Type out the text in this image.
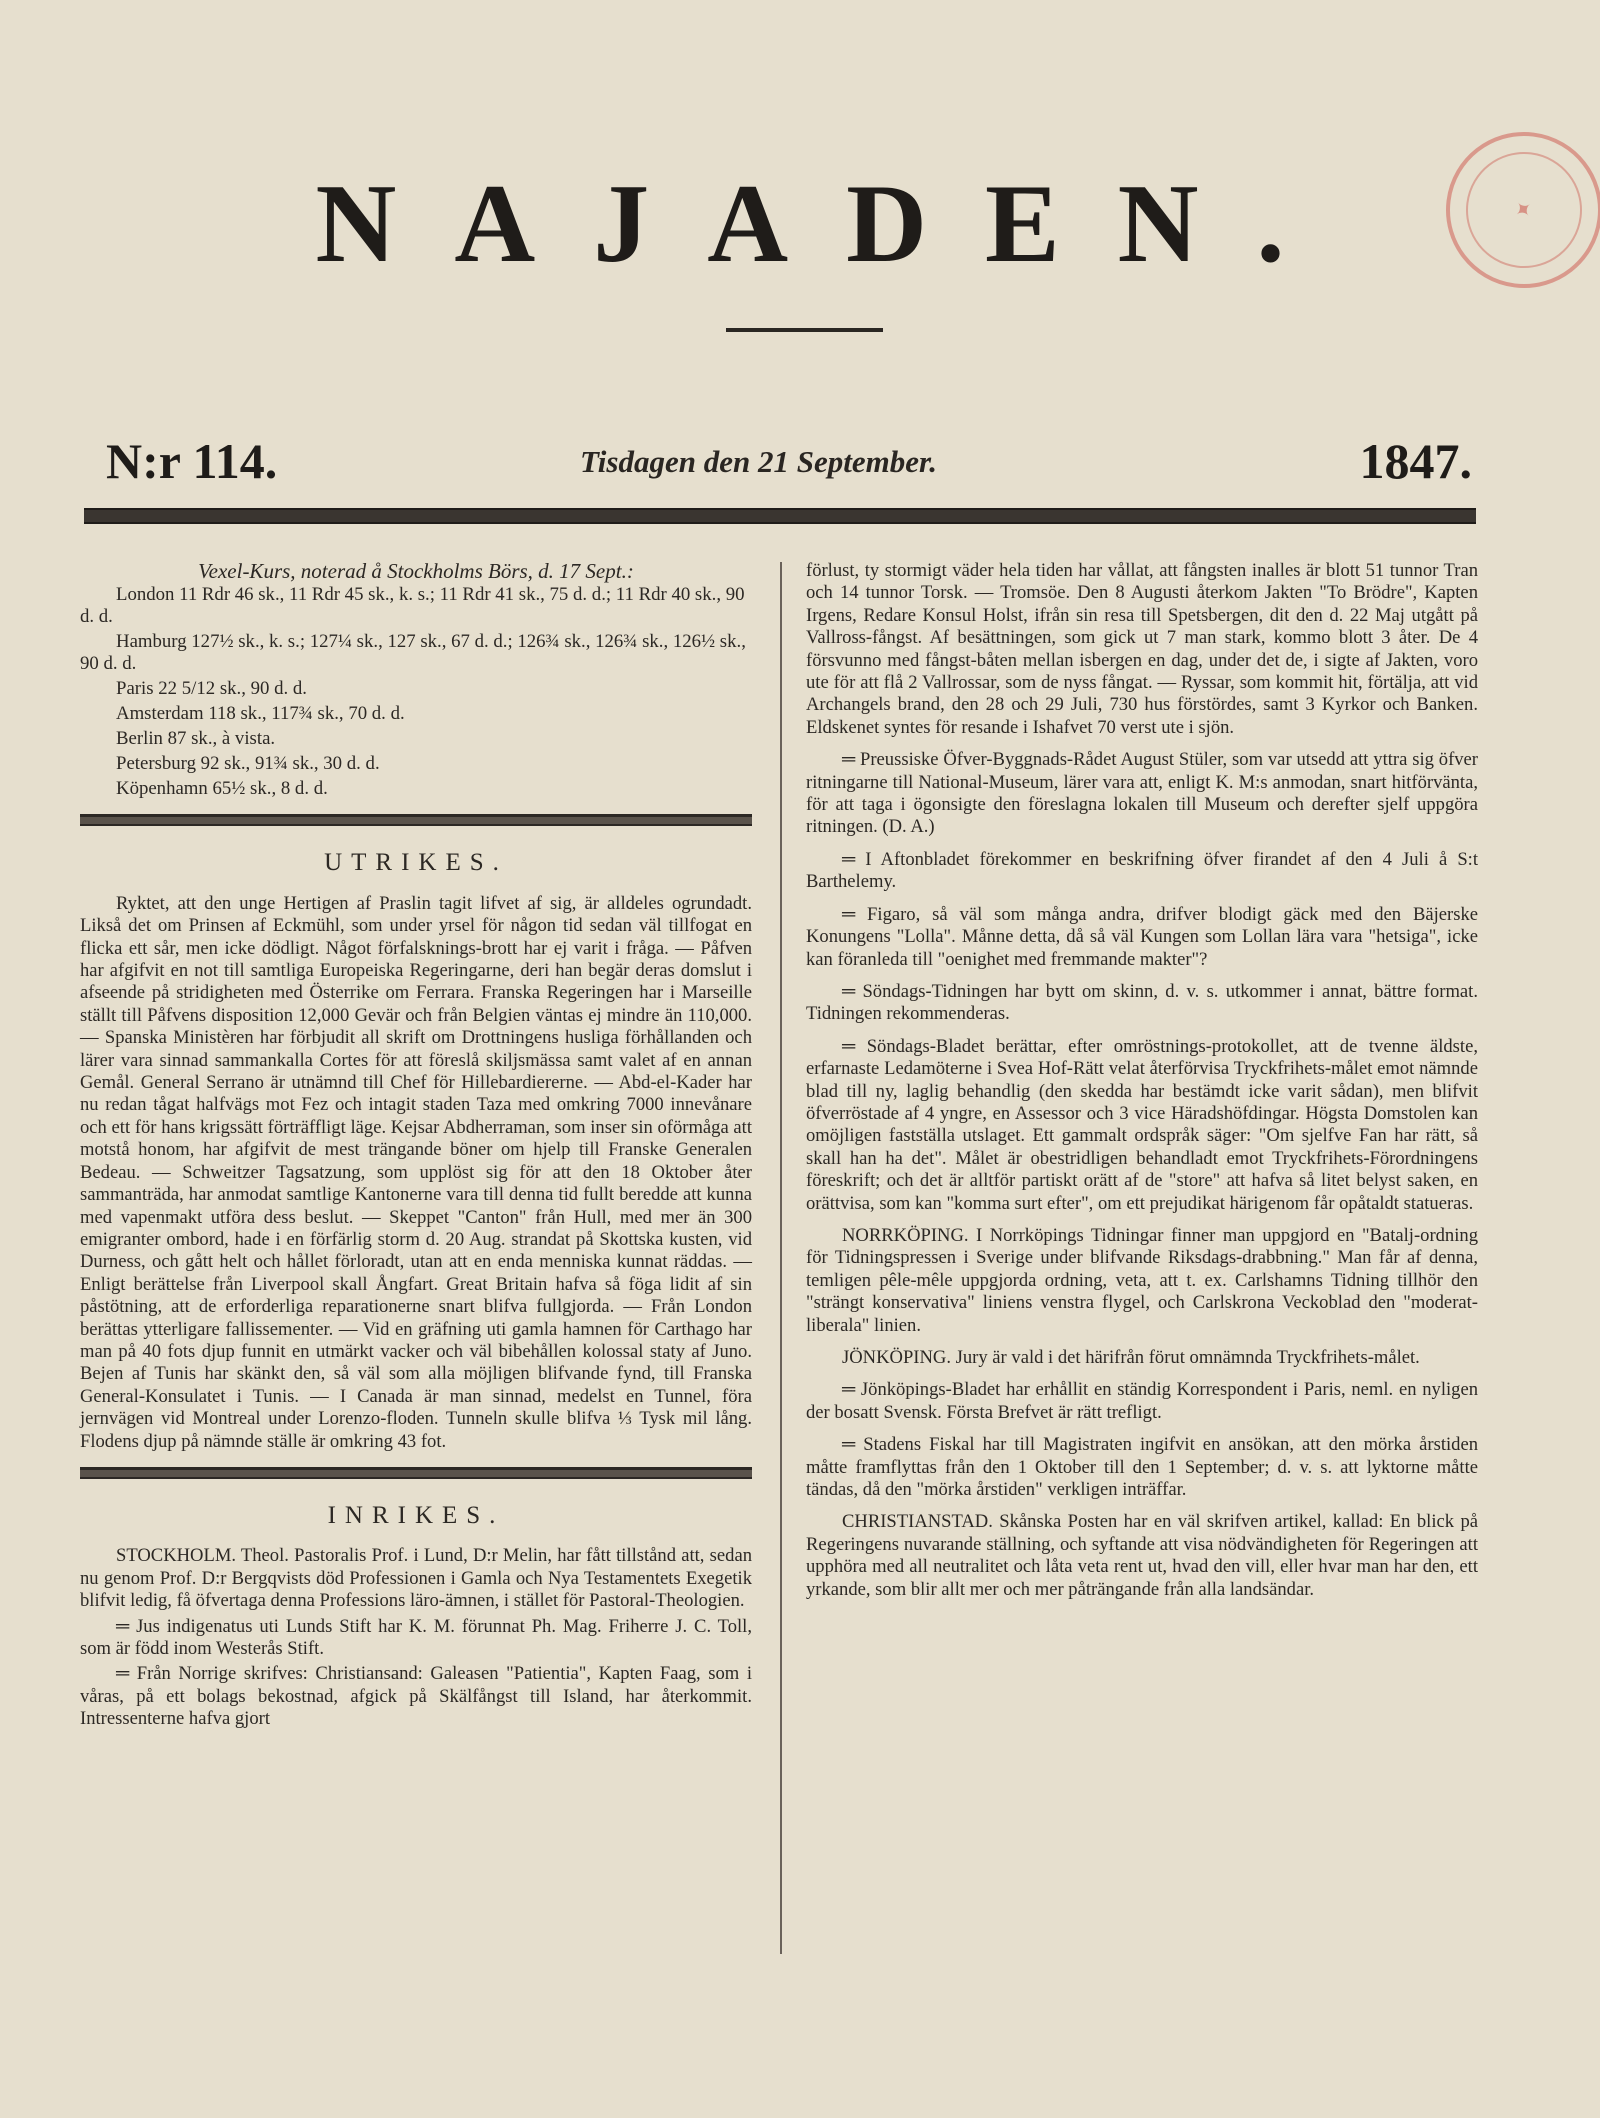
NAJADEN.	✦
N:r 114.	Tisdagen den 21 September.	1847.
Vexel-Kurs, noterad å Stockholms Börs, d. 17 Sept.:

London 11 Rdr 46 sk., 11 Rdr 45 sk., k. s.; 11 Rdr 41 sk., 75 d. d.; 11 Rdr 40 sk., 90 d. d.

Hamburg 127½ sk., k. s.; 127¼ sk., 127 sk., 67 d. d.; 126¾ sk., 126¾ sk., 126½ sk., 90 d. d.

Paris 22 5/12 sk., 90 d. d.

Amsterdam 118 sk., 117¾ sk., 70 d. d.

Berlin 87 sk., à vista.

Petersburg 92 sk., 91¾ sk., 30 d. d.

Köpenhamn 65½ sk., 8 d. d.

UTRIKES.

Ryktet, att den unge Hertigen af Praslin tagit lifvet af sig, är alldeles ogrundadt. Likså det om Prinsen af Eckmühl, som under yrsel för någon tid sedan väl tillfogat en flicka ett sår, men icke dödligt. Något förfalsknings-brott har ej varit i fråga. — Påfven har afgifvit en not till samtliga Europeiska Regeringarne, deri han begär deras domslut i afseende på stridigheten med Österrike om Ferrara. Franska Regeringen har i Marseille ställt till Påfvens disposition 12,000 Gevär och från Belgien väntas ej mindre än 110,000. — Spanska Ministèren har förbjudit all skrift om Drottningens husliga förhållanden och lärer vara sinnad sammankalla Cortes för att föreslå skiljsmässa samt valet af en annan Gemål. General Serrano är utnämnd till Chef för Hillebardiererne. — Abd-el-Kader har nu redan tågat halfvägs mot Fez och intagit staden Taza med omkring 7000 innevånare och ett för hans krigssätt förträffligt läge. Kejsar Abdherraman, som inser sin oförmåga att motstå honom, har afgifvit de mest trängande böner om hjelp till Franske Generalen Bedeau. — Schweitzer Tagsatzung, som upplöst sig för att den 18 Oktober åter sammanträda, har anmodat samtlige Kantonerne vara till denna tid fullt beredde att kunna med vapenmakt utföra dess beslut. — Skeppet "Canton" från Hull, med mer än 300 emigranter ombord, hade i en förfärlig storm d. 20 Aug. strandat på Skottska kusten, vid Durness, och gått helt och hållet förloradt, utan att en enda menniska kunnat räddas. — Enligt berättelse från Liverpool skall Ångfart. Great Britain hafva så föga lidit af sin påstötning, att de erforderliga reparationerne snart blifva fullgjorda. — Från London berättas ytterligare fallissementer. — Vid en gräfning uti gamla hamnen för Carthago har man på 40 fots djup funnit en utmärkt vacker och väl bibehållen kolossal staty af Juno. Bejen af Tunis har skänkt den, så väl som alla möjligen blifvande fynd, till Franska General-Konsulatet i Tunis. — I Canada är man sinnad, medelst en Tunnel, föra jernvägen vid Montreal under Lorenzo-floden. Tunneln skulle blifva ⅓ Tysk mil lång. Flodens djup på nämnde ställe är omkring 43 fot.

INRIKES.

STOCKHOLM. Theol. Pastoralis Prof. i Lund, D:r Melin, har fått tillstånd att, sedan nu genom Prof. D:r Bergqvists död Professionen i Gamla och Nya Testamentets Exegetik blifvit ledig, få öfvertaga denna Professions läro-ämnen, i stället för Pastoral-Theologien.

═ Jus indigenatus uti Lunds Stift har K. M. förunnat Ph. Mag. Friherre J. C. Toll, som är född inom Westerås Stift.

═ Från Norrige skrifves: Christiansand: Galeasen "Patientia", Kapten Faag, som i våras, på ett bolags bekostnad, afgick på Skälfångst till Island, har återkommit. Intressenterne hafva gjort

förlust, ty stormigt väder hela tiden har vållat, att fångsten inalles är blott 51 tunnor Tran och 14 tunnor Torsk. — Tromsöe. Den 8 Augusti återkom Jakten "To Brödre", Kapten Irgens, Redare Konsul Holst, ifrån sin resa till Spetsbergen, dit den d. 22 Maj utgått på Vallross-fångst. Af besättningen, som gick ut 7 man stark, kommo blott 3 åter. De 4 försvunno med fångst-båten mellan isbergen en dag, under det de, i sigte af Jakten, voro ute för att flå 2 Vallrossar, som de nyss fångat. — Ryssar, som kommit hit, förtälja, att vid Archangels brand, den 28 och 29 Juli, 730 hus förstördes, samt 3 Kyrkor och Banken. Eldskenet syntes för resande i Ishafvet 70 verst ute i sjön.

═ Preussiske Öfver-Byggnads-Rådet August Stüler, som var utsedd att yttra sig öfver ritningarne till National-Museum, lärer vara att, enligt K. M:s anmodan, snart hitförväntа, för att taga i ögonsigte den föreslagna lokalen till Museum och derefter sjelf uppgöra ritningen. (D. A.)

═ I Aftonbladet förekommer en beskrifning öfver firandet af den 4 Juli å S:t Barthelemy.

═ Figaro, så väl som många andra, drifver blodigt gäck med den Bäjerske Konungens "Lolla". Månne detta, då så väl Kungen som Lollan lära vara "hetsiga", icke kan föranleda till "oenighet med fremmande makter"?

═ Söndags-Tidningen har bytt om skinn, d. v. s. utkommer i annat, bättre format. Tidningen rekommenderas.

═ Söndags-Bladet berättar, efter omröstnings-protokollet, att de tvenne äldste, erfarnaste Ledamöterne i Svea Hof-Rätt velat återförvisa Tryckfrihets-målet emot nämnde blad till ny, laglig behandlig (den skedda har bestämdt icke varit sådan), men blifvit öfverröstade af 4 yngre, en Assessor och 3 vice Häradshöfdingar. Högsta Domstolen kan omöjligen fastställa utslaget. Ett gammalt ordspråk säger: "Om sjelfve Fan har rätt, så skall han ha det". Målet är obestridligen behandladt emot Tryckfrihets-Förordningens föreskrift; och det är alltför partiskt orätt af de "store" att hafva så litet belyst saken, en orättvisa, som kan "komma surt efter", om ett prejudikat härigenom får opåtaldt statueras.

NORRKÖPING. I Norrköpings Tidningar finner man uppgjord en "Batalj-ordning för Tidningspressen i Sverige under blifvande Riksdags-drabbning." Man får af denna, temligen pêle-mêle uppgjorda ordning, veta, att t. ex. Carlshamns Tidning tillhör den "strängt konservativa" liniens venstra flygel, och Carlskrona Veckoblad den "moderat-liberala" linien.

JÖNKÖPING. Jury är vald i det härifrån förut omnämnda Tryckfrihets-målet.

═ Jönköpings-Bladet har erhållit en ständig Korrespondent i Paris, neml. en nyligen der bosatt Svensk. Första Brefvet är rätt trefligt.

═ Stadens Fiskal har till Magistraten ingifvit en ansökan, att den mörka årstiden måtte framflyttas från den 1 Oktober till den 1 September; d. v. s. att lyktorne måtte tändas, då den "mörka årstiden" verkligen inträffar.

CHRISTIANSTAD. Skånska Posten har en väl skrifven artikel, kallad: En blick på Regeringens nuvarande ställning, och syftande att visa nödvändigheten för Regeringen att upphöra med all neutralitet och låta veta rent ut, hvad den vill, eller hvar man har den, ett yrkande, som blir allt mer och mer påträngande från alla landsändar.
